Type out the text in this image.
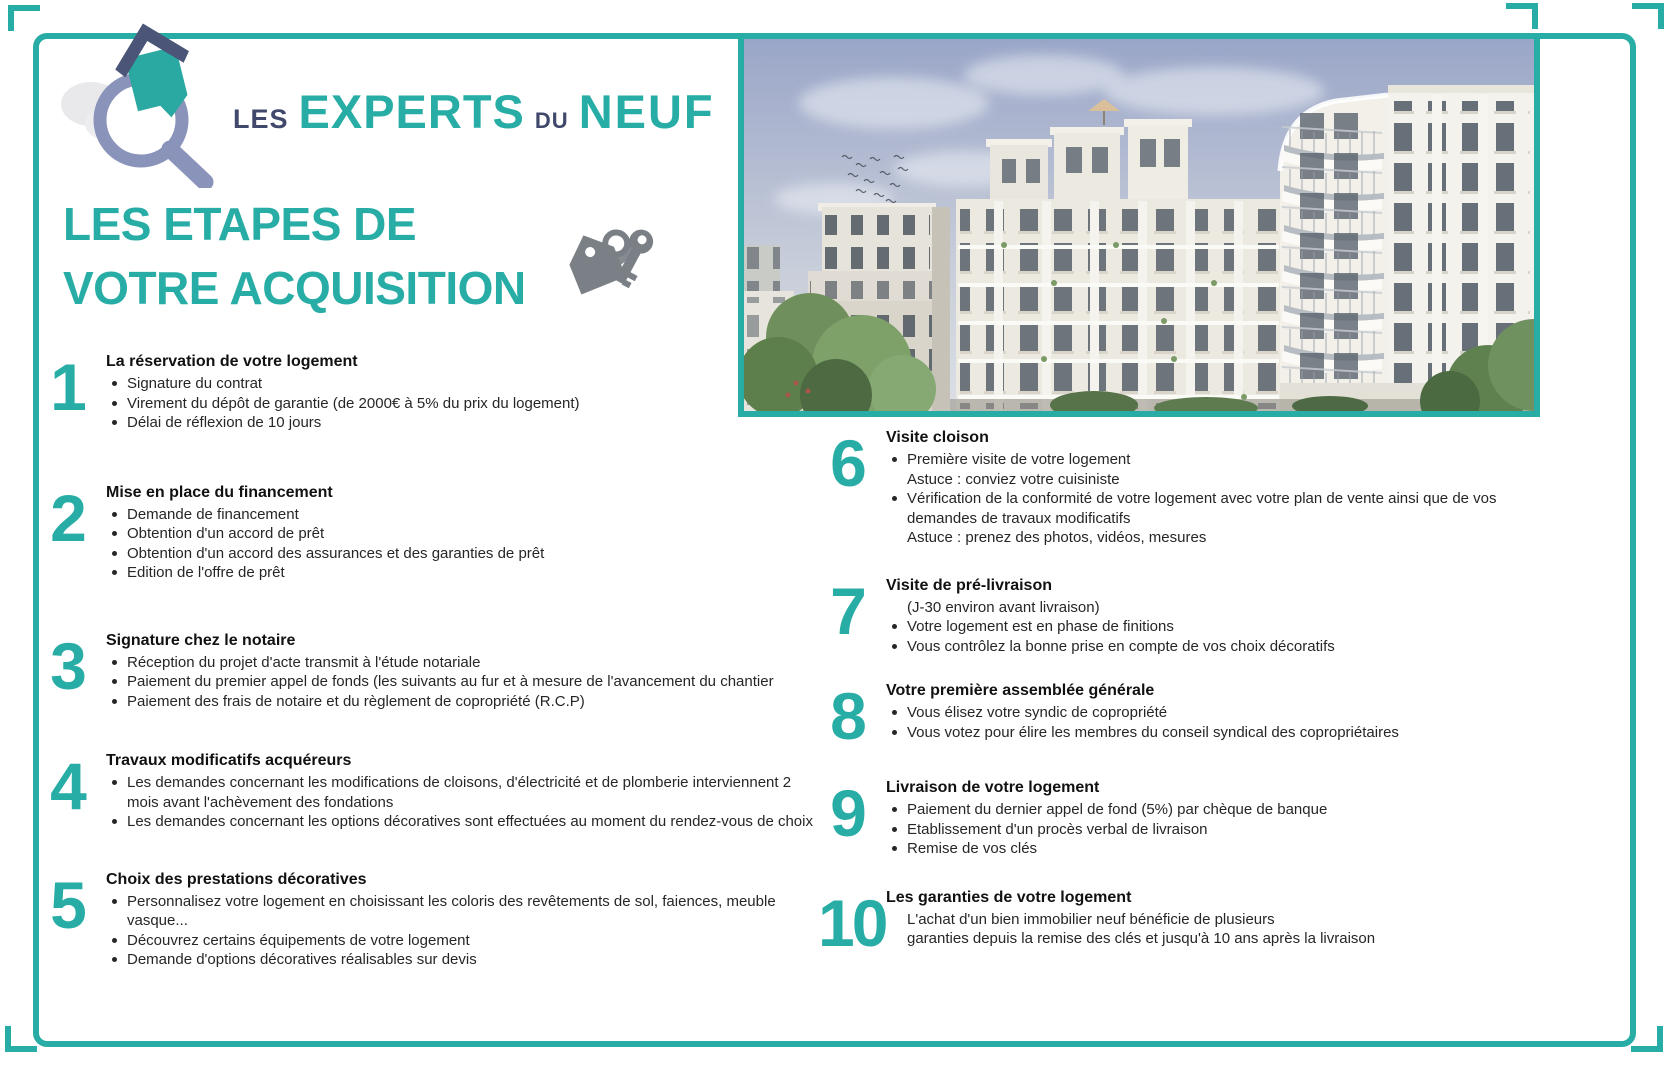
LES EXPERTS DU NEUF
LES ETAPES DE
VOTRE ACQUISITION
1	La réservation de votre logement
Signature du contrat
Virement du dépôt de garantie (de 2000€ à 5% du prix du logement)
Délai de réflexion de 10 jours
2	Mise en place du financement
Demande de financement
Obtention d'un accord de prêt
Obtention d'un accord des assurances et des garanties de prêt
Edition de l'offre de prêt
3	Signature chez le notaire
Réception du projet d'acte transmit à l'étude notariale
Paiement du premier appel de fonds (les suivants au fur et à mesure de l'avancement du chantier
Paiement des frais de notaire et du règlement de copropriété (R.C.P)
4	Travaux modificatifs acquéreurs
Les demandes concernant les modifications de cloisons, d'électricité et de plomberie interviennent 2
mois avant l'achèvement des fondations
Les demandes concernant les options décoratives sont effectuées au moment du rendez-vous de choix
5	Choix des prestations décoratives
Personnalisez votre logement en choisissant les coloris des revêtements de sol, faiences, meuble
vasque...
Découvrez certains équipements de votre logement
Demande d'options décoratives réalisables sur devis
6	Visite cloison
Première visite de votre logement
Astuce : conviez votre cuisiniste
Vérification de la conformité de votre logement avec votre plan de vente ainsi que de vos
demandes de travaux modificatifs
Astuce : prenez des photos, vidéos, mesures
7	Visite de pré-livraison
(J-30 environ avant livraison)
Votre logement est en phase de finitions
Vous contrôlez la bonne prise en compte de vos choix décoratifs
8	Votre première assemblée générale
Vous élisez votre syndic de copropriété
Vous votez pour élire les membres du conseil syndical des copropriétaires
9	Livraison de votre logement
Paiement du dernier appel de fond (5%) par chèque de banque
Etablissement d'un procès verbal de livraison
Remise de vos clés
10 Les garanties de votre logement
L'achat d'un bien immobilier neuf bénéficie de plusieurs
garanties depuis la remise des clés et jusqu'à 10 ans après la livraison
